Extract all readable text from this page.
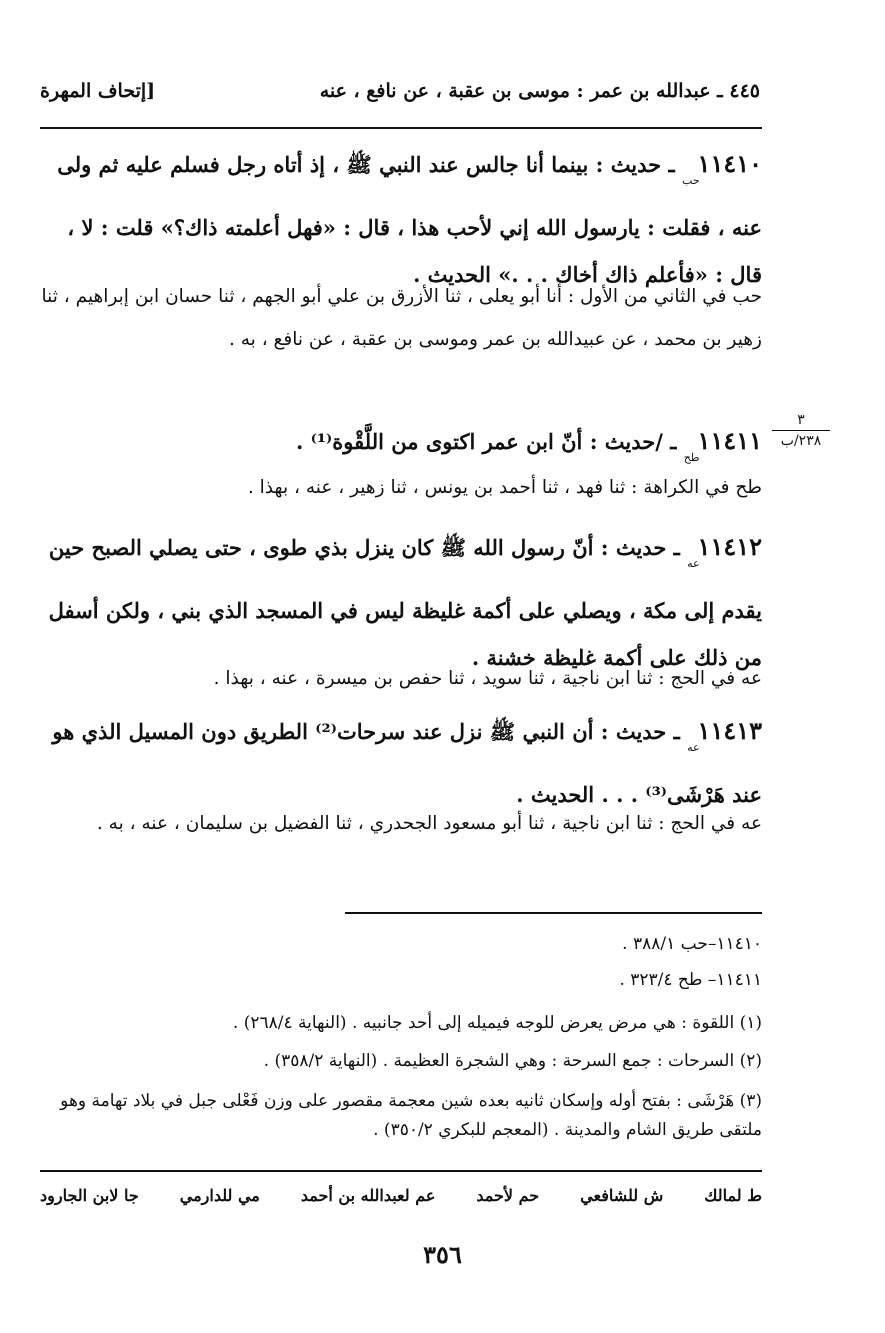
٤٤٥ ـ عبدالله بن عمر : موسى بن عقبة ، عن نافع ، عنه
[إتحاف المهرة
٣
٢٣٨/ب
$١١٤١٠_{حب}$ ـ حديث : بينما أنا جالس عند النبي ﷺ ، إذ أتاه رجل فسلم عليه ثم ولى عنه ، فقلت : يارسول الله إني لأحب هذا ، قال : «فهل أعلمته ذاك؟» قلت : لا ، قال : «فأعلم ذاك أخاك . . .» الحديث .
حب في الثاني من الأول : أنا أبو يعلى ، ثنا الأزرق بن علي أبو الجهم ، ثنا حسان ابن إبراهيم ، ثنا زهير بن محمد ، عن عبيدالله بن عمر وموسى بن عقبة ، عن نافع ، به .
$١١٤١١_{طح}$ ـ /حديث : أنّ ابن عمر اكتوى من اللَّقْوة⁽¹⁾ .
طح في الكراهة : ثنا فهد ، ثنا أحمد بن يونس ، ثنا زهير ، عنه ، بهذا .
$١١٤١٢_{عه}$ ـ حديث : أنّ رسول الله ﷺ كان ينزل بذي طوى ، حتى يصلي الصبح حين يقدم إلى مكة ، ويصلي على أكمة غليظة ليس في المسجد الذي بني ، ولكن أسفل من ذلك على أكمة غليظة خشنة .
عه في الحج : ثنا ابن ناجية ، ثنا سويد ، ثنا حفص بن ميسرة ، عنه ، بهذا .
$١١٤١٣_{عه}$ ـ حديث : أن النبي ﷺ نزل عند سرحات⁽²⁾ الطريق دون المسيل الذي هو عند هَرْشَى⁽³⁾ . . . الحديث .
عه في الحج : ثنا ابن ناجية ، ثنا أبو مسعود الجحدري ، ثنا الفضيل بن سليمان ، عنه ، به .
١١٤١٠–حب ٣٨٨/١ .
١١٤١١– طح ٣٢٣/٤ .
(١) اللقوة : هي مرض يعرض للوجه فيميله إلى أحد جانبيه . (النهاية ٢٦٨/٤) .
(٢) السرحات : جمع السرحة : وهي الشجرة العظيمة . (النهاية ٣٥٨/٢) .
(٣) هَرْشَى : بفتح أوله وإسكان ثانيه بعده شين معجمة مقصور على وزن فَعْلى جبل في بلاد تهامة وهو ملتقى طريق الشام والمدينة . (المعجم للبكري ٣٥٠/٢) .
ط لمالك
ش للشافعي
حم لأحمد
عم لعبدالله بن أحمد
مي للدارمي
جا لابن الجارود
٣٥٦
